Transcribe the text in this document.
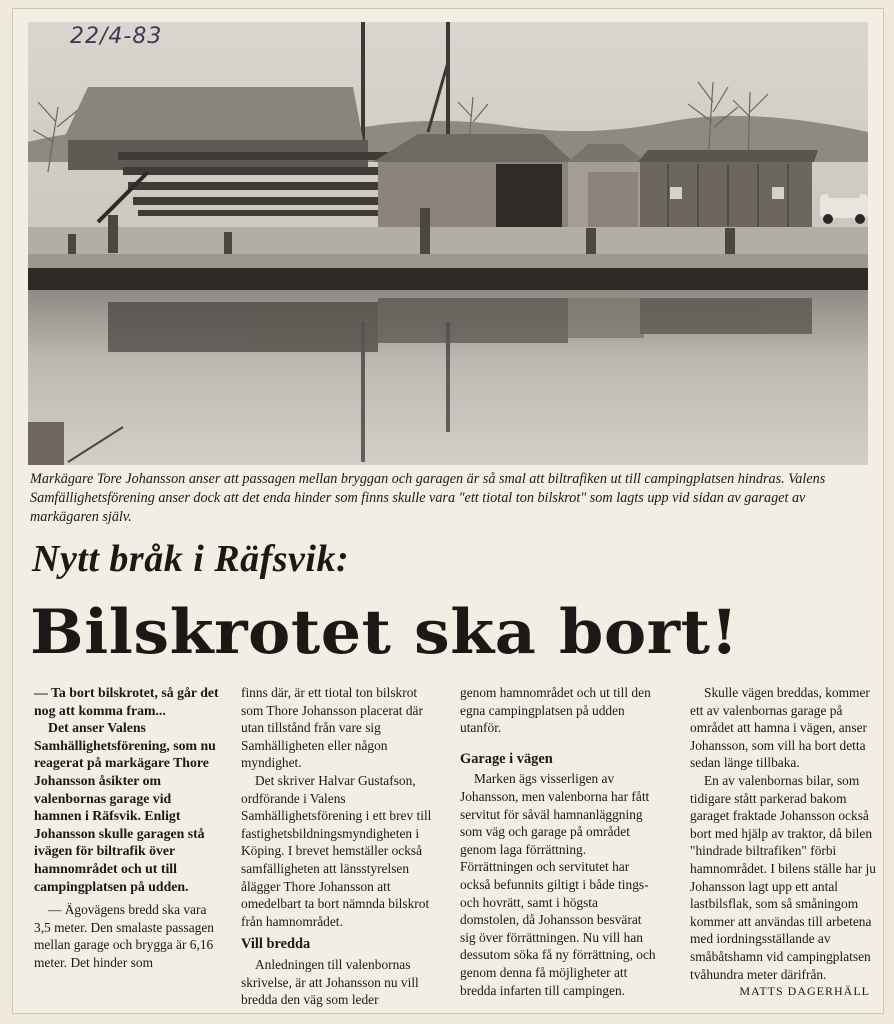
22/4-83
Markägare Tore Johansson anser att passagen mellan bryggan och garagen är så smal att biltrafiken ut till campingplatsen hindras. Valens Samfällighetsförening anser dock att det enda hinder som finns skulle vara "ett tiotal ton bilskrot" som lagts upp vid sidan av garaget av markägaren själv.
Nytt bråk i Räfsvik:
Bilskrotet ska bort!

— Ta bort bilskrotet, så går det nog att komma fram...

Det anser Valens Samhällighetsförening, som nu reagerat på markägare Thore Johansson åsikter om valenbornas garage vid hamnen i Räfsvik. Enligt Johansson skulle garagen stå ivägen för biltrafik över hamnområdet och ut till campingplatsen på udden.

— Ägovägens bredd ska vara 3,5 meter. Den smalaste passagen mellan garage och brygga är 6,16 meter. Det hinder som

finns där, är ett tiotal ton bilskrot som Thore Johansson placerat där utan tillstånd från vare sig Samhälligheten eller någon myndighet.

Det skriver Halvar Gustafson, ordförande i Valens Samhällighetsförening i ett brev till fastighetsbildningsmyndigheten i Köping. I brevet hemställer också samfälligheten att länsstyrelsen ålägger Thore Johansson att omedelbart ta bort nämnda bilskrot från hamnområdet.

Vill bredda

Anledningen till valenbornas skrivelse, är att Johansson nu vill bredda den väg som leder

genom hamnområdet och ut till den egna campingplatsen på udden utanför.

Garage i vägen

Marken ägs visserligen av Johansson, men valenborna har fått servitut för såväl hamnanläggning som väg och garage på området genom laga förrättning. Förrättningen och servitutet har också befunnits giltigt i både tings- och hovrätt, samt i högsta domstolen, då Johansson besvärat sig över förrättningen. Nu vill han dessutom söka få ny förrättning, och genom denna få möjligheter att bredda infarten till campingen.

Skulle vägen breddas, kommer ett av valenbornas garage på området att hamna i vägen, anser Johansson, som vill ha bort detta sedan länge tillbaka.

En av valenbornas bilar, som tidigare stått parkerad bakom garaget fraktade Johansson också bort med hjälp av traktor, då bilen "hindrade biltrafiken" förbi hamnområdet. I bilens ställe har ju Johansson lagt upp ett antal lastbilsflak, som så småningom kommer att användas till arbetena med iordningsställande av småbåtshamn vid campingplatsen tvåhundra meter därifrån.

MATTS DAGERHÄLL
